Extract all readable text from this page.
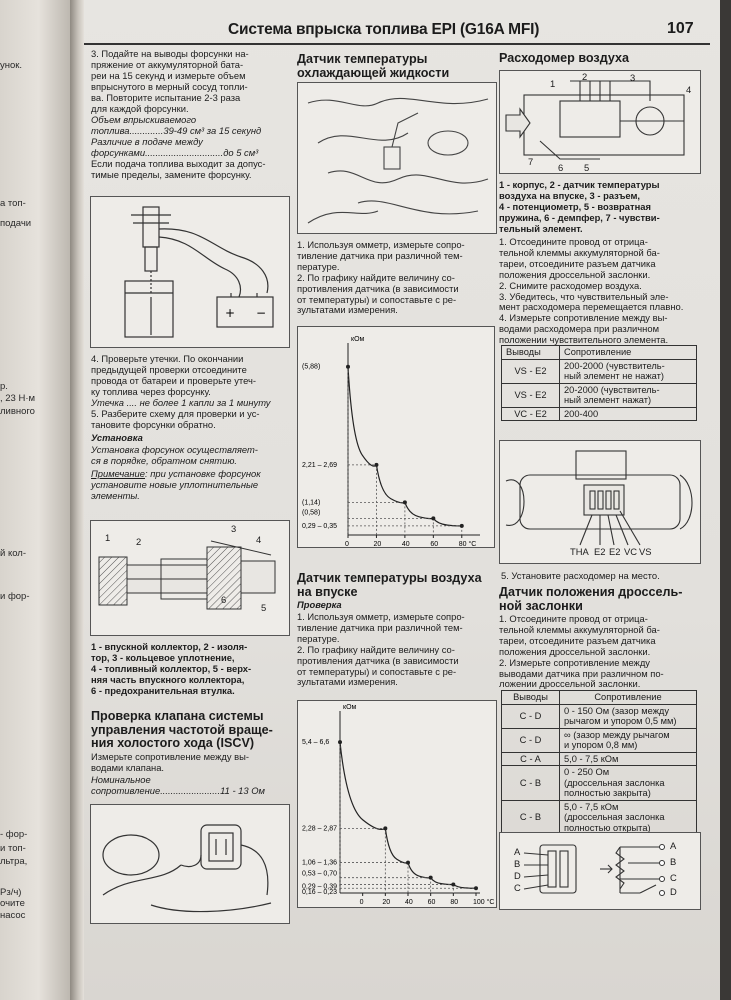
унок.
а топ-
подачи
р.
, 23 Н·м
ливного
й кол-
и фор-
- фор-
и топ-
льтра,
Рз/ч)
очите
насос
Система впрыска топлива EPI (G16A MFI)	107
3. Подайте на выводы форсунки на-
пряжение от аккумуляторной бата-
реи на 15 секунд и измерьте объем
впрыснутого в мерный сосуд топли-
ва. Повторите испытание 2-3 раза
для каждой форсунки.
Объем впрыскиваемого
топлива.............39-49 см³ за 15 секунд
Различие в подаче между
форсунками..............................до 5 см³
Если подача топлива выходит за допус-
тимые пределы, замените форсунку.
+ −
4. Проверьте утечки. По окончании
предыдущей проверки отсоедините
провода от батареи и проверьте утеч-
ку топлива через форсунку.
Утечка .... не более 1 капли за 1 минуту
5. Разберите схему для проверки и ус-
тановите форсунки обратно.
Установка
Установка форсунок осуществляет-
ся в порядке, обратном снятию.
Примечание: при установке форсунок
установите новые уплотнительные
элементы.
1	2
3
4
5
6
1 - впускной коллектор, 2 - изоля-
тор, 3 - кольцевое уплотнение,
4 - топливный коллектор, 5 - верх-
няя часть впускного коллектора,
6 - предохранительная втулка.
Проверка клапана системы
управления частотой враще-
ния холостого хода (ISCV)
Измерьте сопротивление между вы-
водами клапана.
Номинальное
сопротивление.......................11 - 13 Ом
Датчик температуры
охлаждающей жидкости
1. Используя омметр, измерьте сопро-
тивление датчика при различной тем-
пературе.
2. По графику найдите величину со-
противления датчика (в зависимости
от температуры) и сопоставьте с ре-
зультатами измерения.
кОм
0	20	40	60	80 °C
(5,88)
2,21 – 2,69
(1,14)
(0,58)
0,29 – 0,35
Датчик температуры воздуха
на впуске
Проверка
1. Используя омметр, измерьте сопро-
тивление датчика при различной тем-
пературе.
2. По графику найдите величину со-
противления датчика (в зависимости
от температуры) и сопоставьте с ре-
зультатами измерения.
кОм
0	20 40 60 80 100 °C
5,4 – 6,6
2,28 – 2,87
1,06 – 1,36
0,53 – 0,70
0,29 – 0,39
0,16 – 0,23
Расходомер воздуха
1
2	3
4
5
6
7
1 - корпус, 2 - датчик температуры
воздуха на впуске, 3 - разъем,
4 - потенциометр, 5 - возвратная
пружина, 6 - демпфер, 7 - чувстви-
тельный элемент.
1. Отсоедините провод от отрица-
тельной клеммы аккумуляторной ба-
тареи, отсоедините разъем датчика
положения дроссельной заслонки.
2. Снимите расходомер воздуха.
3. Убедитесь, что чувствительный эле-
мент расходомера перемещается плавно.
4. Измерьте сопротивление между вы-
водами расходомера при различном
положении чувствительного элемента.
Выводы	Сопротивление
VS - E2	200-2000 (чувствитель-
ный элемент не нажат)

VS - E2	20-2000 (чувствитель-
ный элемент нажат)

VC - E2	200-400
THA E2 E2 VC VS
5. Установите расходомер на место.
Датчик положения дроссель-
ной заслонки
1. Отсоедините провод от отрица-
тельной клеммы аккумуляторной ба-
тареи, отсоедините разъем датчика
положения дроссельной заслонки.
2. Измерьте сопротивление между
выводами датчика при различном по-
ложении дроссельной заслонки.
Выводы	Сопротивление
C - D	0 - 150 Ом (зазор между
рычагом и упором 0,5 мм)

C - D	∞ (зазор между рычагом
и упором 0,8 мм)

C - A	5,0 - 7,5 кОм

C - B	0 - 250 Ом
(дроссельная заслонка
полностью закрыта)

C - B	5,0 - 7,5 кОм
(дроссельная заслонка
полностью открыта)
A
B
D
C
A
B
C
D
